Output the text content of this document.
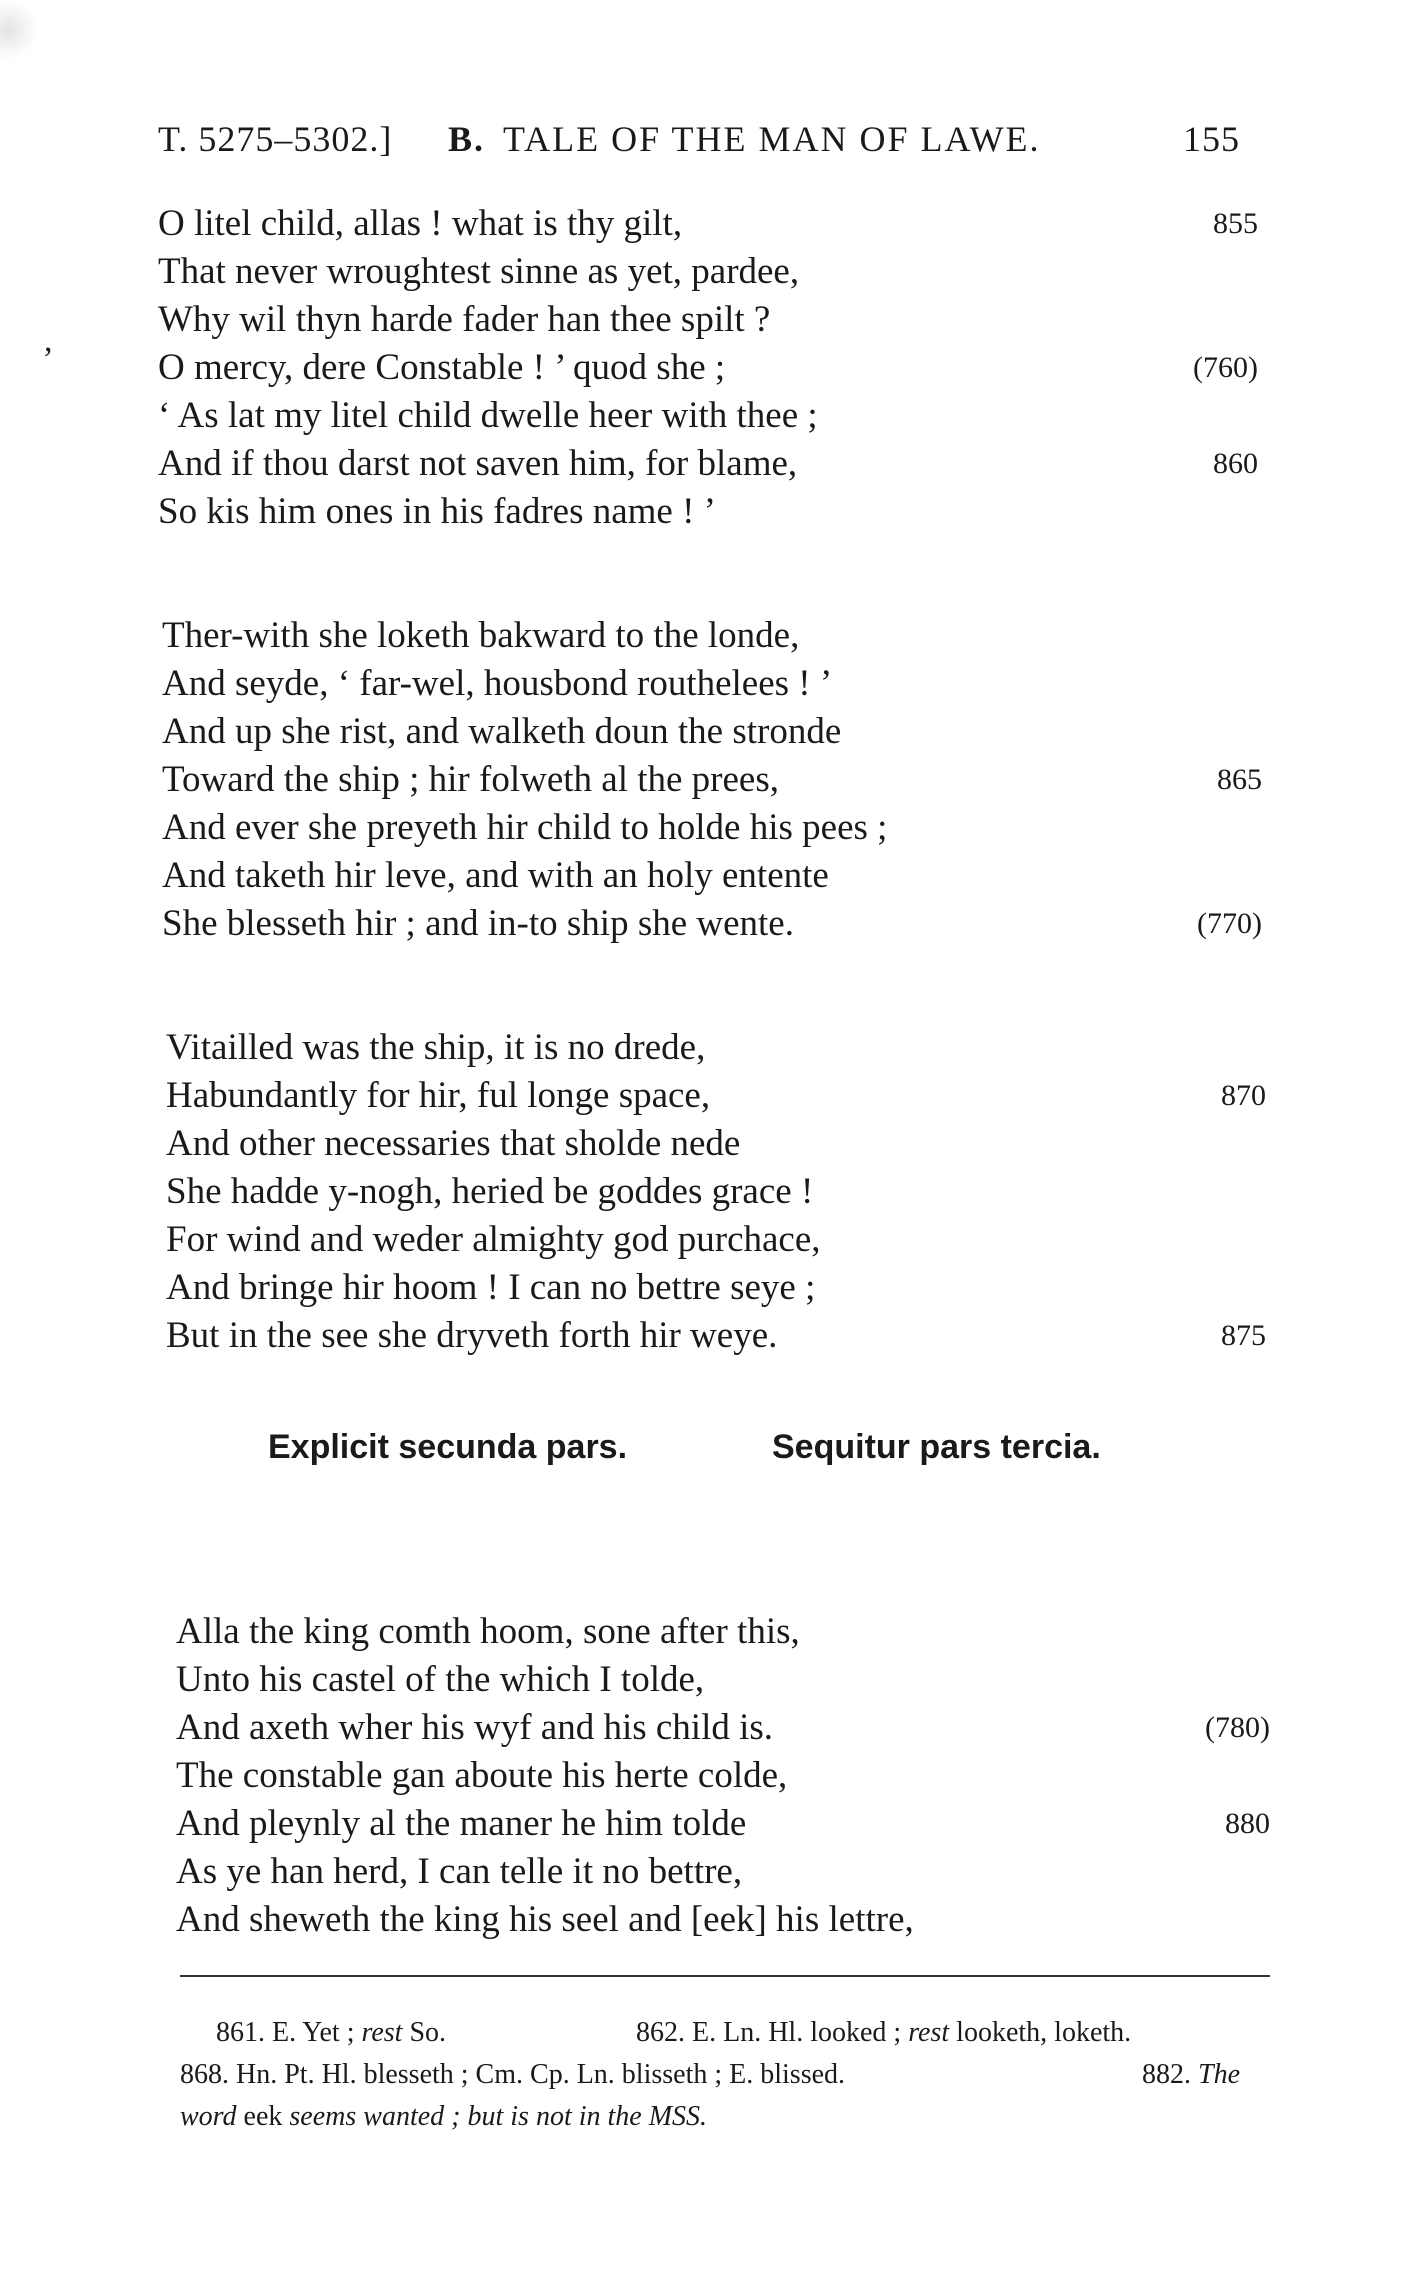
,
T. 5275–5302.] B. TALE OF THE MAN OF LAWE.	155
O litel child, allas ! what is thy gilt,	855
That never wroughtest sinne as yet, pardee,
Why wil thyn harde fader han thee spilt ?
O mercy, dere Constable ! ’ quod she ;	(760)
‘ As lat my litel child dwelle heer with thee ;
And if thou darst not saven him, for blame,	860
So kis him ones in his fadres name ! ’
Ther-with she loketh bakward to the londe,
And seyde, ‘ far-wel, housbond routhelees ! ’
And up she rist, and walketh doun the stronde
Toward the ship ; hir folweth al the prees,	865
And ever she preyeth hir child to holde his pees ;
And taketh hir leve, and with an holy entente
She blesseth hir ; and in-to ship she wente.	(770)
Vitailled was the ship, it is no drede,
Habundantly for hir, ful longe space,	870
And other necessaries that sholde nede
She hadde y-nogh, heried be goddes grace !
For wind and weder almighty god purchace,
And bringe hir hoom ! I can no bettre seye ;
But in the see she dryveth forth hir weye.	875
Explicit secunda pars.	Sequitur pars tercia.
Alla the king comth hoom, sone after this,
Unto his castel of the which I tolde,
And axeth wher his wyf and his child is.	(780)
The constable gan aboute his herte colde,
And pleynly al the maner he him tolde	880
As ye han herd, I can telle it no bettre,
And sheweth the king his seel and [eek] his lettre,
861. E. Yet ; rest So.	862. E. Ln. Hl. looked ; rest looketh, loketh.
868. Hn. Pt. Hl. blesseth ; Cm. Cp. Ln. blisseth ; E. blissed.	882. The
word eek seems wanted ; but is not in the MSS.
